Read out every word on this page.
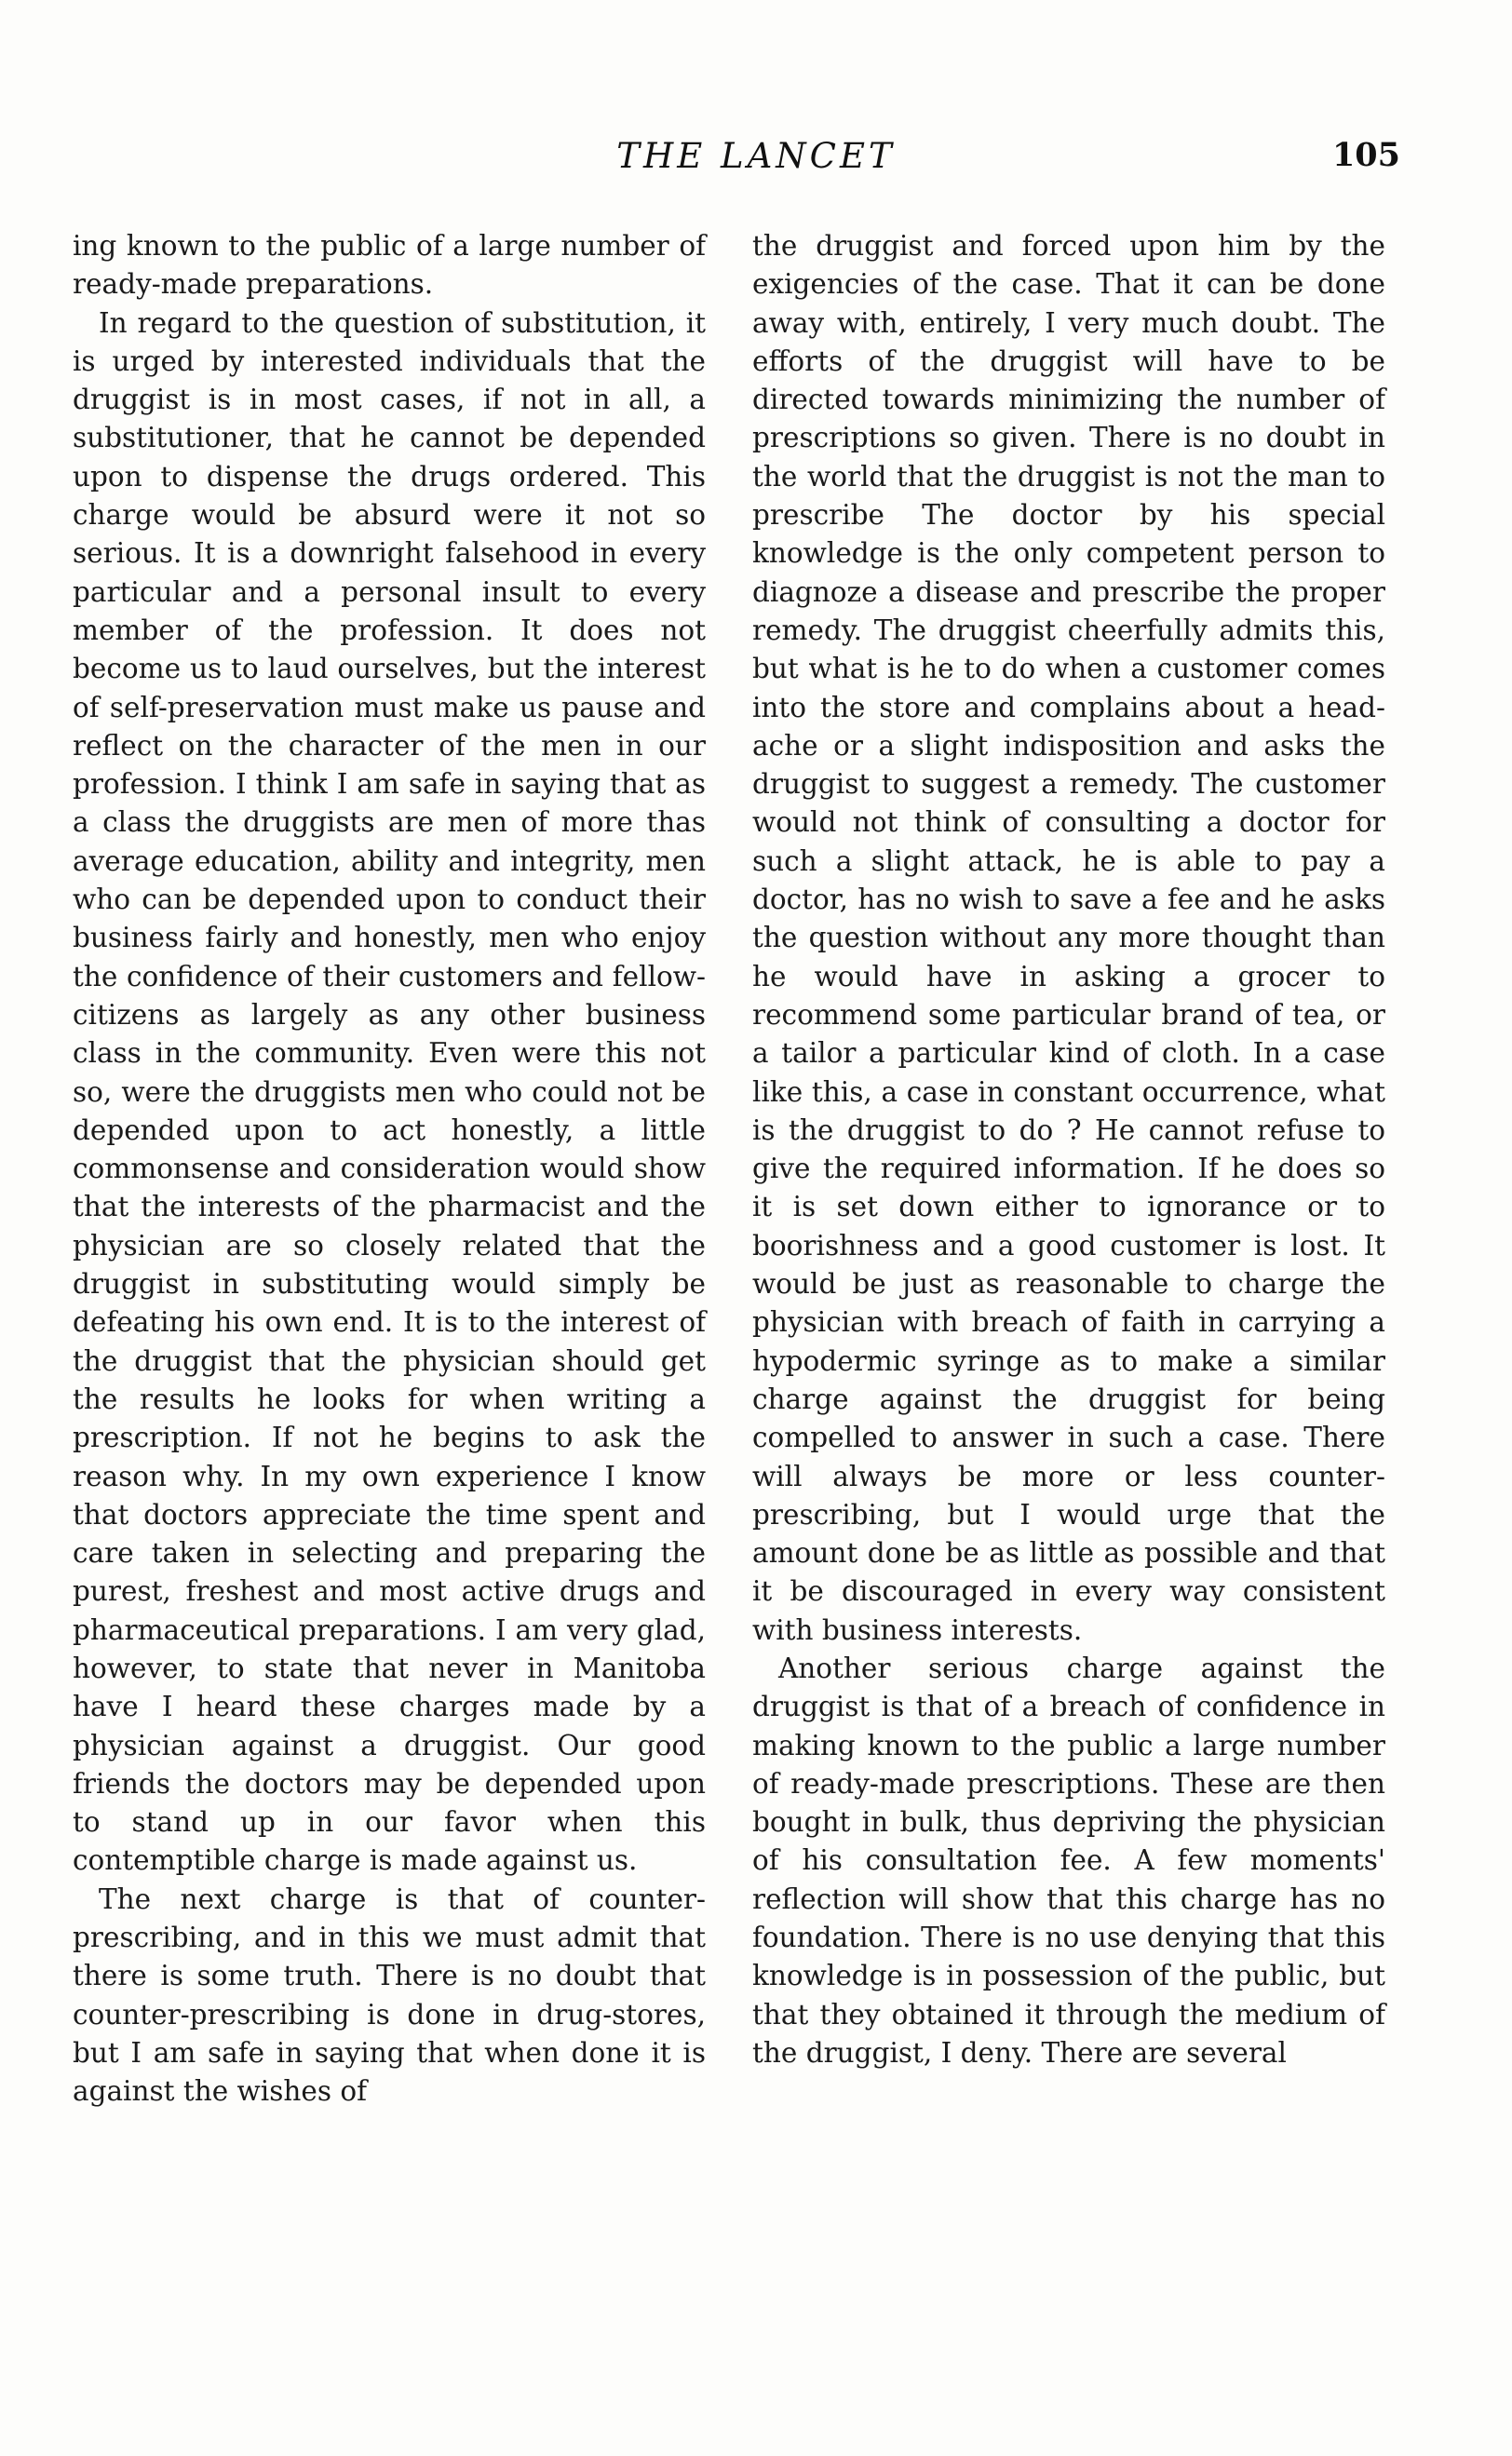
THE LANCET	105

ing known to the public of a large number of ready-made preparations.

In regard to the question of substitution, it is urged by interested individuals that the druggist is in most cases, if not in all, a substitutioner, that he cannot be depended upon to dispense the drugs ordered. This charge would be absurd were it not so serious. It is a downright falsehood in every particular and a personal insult to every member of the profession. It does not become us to laud ourselves, but the interest of self-preservation must make us pause and reflect on the character of the men in our profession. I think I am safe in saying that as a class the druggists are men of more thas average education, ability and integrity, men who can be depended upon to conduct their business fairly and honestly, men who enjoy the confidence of their customers and fellow-citizens as largely as any other business class in the community. Even were this not so, were the druggists men who could not be depended upon to act honestly, a little commonsense and consideration would show that the interests of the pharmacist and the physician are so closely related that the druggist in substituting would simply be defeating his own end. It is to the interest of the druggist that the physician should get the results he looks for when writing a prescription. If not he begins to ask the reason why. In my own experience I know that doctors appreciate the time spent and care taken in selecting and preparing the purest, freshest and most active drugs and pharmaceutical preparations. I am very glad, however, to state that never in Manitoba have I heard these charges made by a physician against a druggist. Our good friends the doctors may be depended upon to stand up in our favor when this contemptible charge is made against us.

The next charge is that of counter-prescribing, and in this we must admit that there is some truth. There is no doubt that counter-prescribing is done in drug-stores, but I am safe in saying that when done it is against the wishes of

the druggist and forced upon him by the exigencies of the case. That it can be done away with, entirely, I very much doubt. The efforts of the druggist will have to be directed towards minimizing the number of prescriptions so given. There is no doubt in the world that the druggist is not the man to prescribe The doctor by his special knowledge is the only competent person to diagnoze a disease and prescribe the proper remedy. The druggist cheerfully admits this, but what is he to do when a customer comes into the store and complains about a head-ache or a slight indisposition and asks the druggist to suggest a remedy. The customer would not think of consulting a doctor for such a slight attack, he is able to pay a doctor, has no wish to save a fee and he asks the question without any more thought than he would have in asking a grocer to recommend some particular brand of tea, or a tailor a particular kind of cloth. In a case like this, a case in constant occurrence, what is the druggist to do ? He cannot refuse to give the required information. If he does so it is set down either to ignorance or to boorishness and a good customer is lost. It would be just as reasonable to charge the physician with breach of faith in carrying a hypodermic syringe as to make a similar charge against the druggist for being compelled to answer in such a case. There will always be more or less counter-prescribing, but I would urge that the amount done be as little as possible and that it be discouraged in every way consistent with business interests.

Another serious charge against the druggist is that of a breach of confidence in making known to the public a large number of ready-made prescriptions. These are then bought in bulk, thus depriving the physician of his consultation fee. A few moments' reflection will show that this charge has no foundation. There is no use denying that this knowledge is in possession of the public, but that they obtained it through the medium of the druggist, I deny. There are several
